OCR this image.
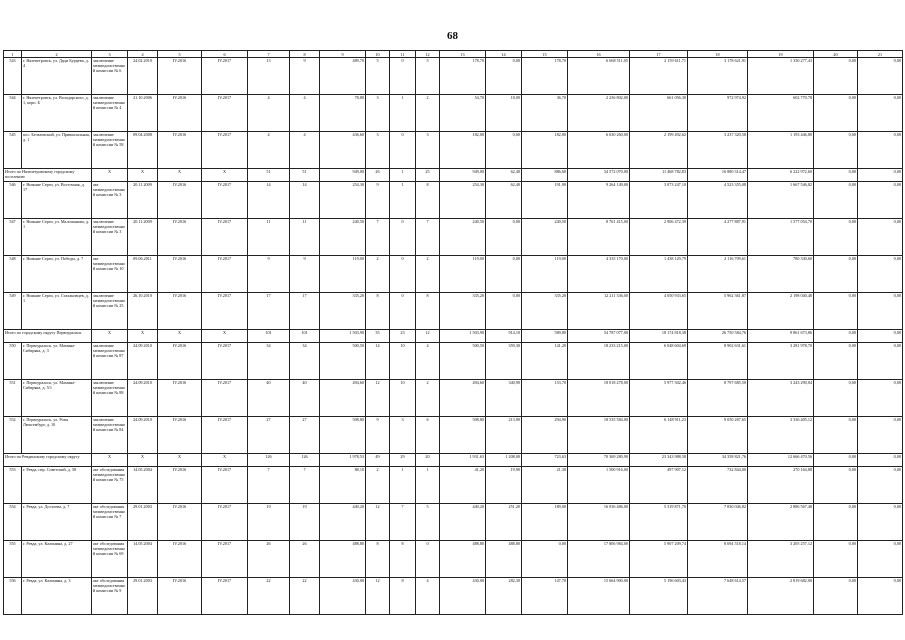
68
1	2	3	4	5	6	7	8	9	10	11	12	13	14	15	16	17	18	19	20	21
543	г. Нязепетровск, ул. Дяди Бурцева, д. 4	заключение межведомственной комиссии № 6	24.02.2010	IV.2016	IV.2017	13	9	489,70	5	0	5	178,70	0,00	178,70	6 668 511,05	2 159 611,71	3 178 621,91	1 330 277,43	0,00	0,00
544	г. Нязепетровск, ул. Володарского, д. 1, корп. Б	заключение межведомственной комиссии № 4	21.10.2006	IV.2016	IV.2017	4	4	78,80	3	1	2	54,70	18,00	36,70	2 236 802,00	661 056,30	972 974,92	602 770,78	0,00	0,00
545	пос. Бельтовский, ул. Привокзальная, д. 1	заключение межведомственной комиссии № 58	09.04.2008	IV.2016	IV.2017	4	4	436,60	3	0	3	182,00	0,00	182,00	6 630 260,00	2 199 492,62	3 237 320,58	1 193 446,80	0,00	0,00
Итого по Нязепетровскому городскому поселению		X	X	X	X	51	51	949,00	26	1	25	949,00	62,40	886,60	34 572 070,00	11 468 782,83	16 880 314,47	6 222 972,60	0,00	0,00
546	г. Нижние Серги, ул. Восточная, д. 17	акт межведомственной комиссии № 3	20.11.2009	IV.2016	IV.2017	14	14	254,30	9	1	8	254,30	62,40	191,90	9 264 149,00	3 073 247,10	4 523 355,08	1 667 546,82	0,00	0,00
547	г. Нижние Серги, ул. Малошанова, д. 1	заключение межведомственной комиссии № 3	20.11.2009	IV.2016	IV.2017	11	11	240,50	7	0	7	240,50	0,00	240,50	8 761 415,00	2 906 472,39	4 277 887,91	1 577 054,70	0,00	0,00
548	г. Нижние Серги, ул. Победы, д. 7	акт межведомственной комиссии № 10	09.06.2011	IV.2016	IV.2017	9	9	119,00	2	0	2	119,00	0,00	119,00	4 335 170,00	1 438 129,79	2 116 709,61	780 330,60	0,00	0,00
549	г. Нижние Серги, ул. Стахановцев, д. 1	заключение межведомственной комиссии № 25	26.10.2010	IV.2016	IV.2017	17	17	335,20	8	0	8	335,20	0,00	335,20	12 211 336,00	4 050 933,65	5 962 361,87	2 198 040,48	0,00	0,00
Итого по городскому округу Первоуральск		X	X	X	X	101	101	1 503,90	35	23	12	1 503,90	914,10	589,80	54 787 077,00	18 174 818,38	26 750 584,76	9 861 673,86	0,00	0,00
550	г. Первоуральск, ул. Мамина-Сибиряка, д. 3	заключение межведомственной комиссии № 87	24.09.2010	IV.2016	IV.2017	34	34	500,50	14	10	4	500,50	359,30	141,20	18 233 215,00	6 048 604,69	8 902 631,61	3 281 978,70	0,00	0,00
551	г. Первоуральск, ул. Мамина-Сибиряка, д. 5/1	заключение межведомственной комиссии № 88	24.09.2010	IV.2016	IV.2017	40	40	494,60	12	10	2	494,60	340,90	153,70	18 018 278,00	5 977 302,46	8 797 685,50	3 243 290,04	0,00	0,00
552	г. Первоуральск, ул. Розы Люксембург, д. 10	заключение межведомственной комиссии № 84	24.09.2010	IV.2016	IV.2017	27	27	508,80	9	3	6	508,80	213,90	294,90	18 535 584,00	6 148 911,23	9 050 267,65	3 336 405,12	0,00	0,00
Итого по Ревдинскому городскому округу		X	X	X	X	126	126	1 978,53	49	29	20	1 931,63	1 208,00	723,63	70 369 280,90	23 343 988,58	34 358 821,76	12 666 470,56	0,00	0,00
553	г. Ревда, пер. Советский, д. 58	акт обследования межведомственной комиссии № 75	14.05.2004	IV.2016	IV.2017	7	7	88,10	2	1	1	41,20	19,90	21,30	1 500 916,00	497 907,12	732 844,00	270 164,88	0,00	0,00
554	г. Ревда, ул. Достоева, д. 7	акт обследования межведомственной комиссии № 7	29.01.2003	IV.2016	IV.2017	19	19	440,20	12	7	5	440,20	251,20	189,00	16 036 486,00	5 319 871,70	7 830 046,82	2 886 567,48	0,00	0,00
555	г. Ревда, ул. Калинина, д. 27	акт обследования межведомственной комиссии № 69	14.05.2004	IV.2016	IV.2017	26	26	488,80	8	8	0	488,80	488,80	0,00	17 806 984,00	5 907 209,74	8 694 518,14	3 205 257,12	0,00	0,00
556	г. Ревда, ул. Калинина, д. 3	акт обследования межведомственной комиссии № 9	29.01.2003	IV.2016	IV.2017	22	22	430,00	12	8	4	430,00	282,30	147,70	15 664 900,00	5 196 603,43	7 648 614,57	2 819 682,00	0,00	0,00
